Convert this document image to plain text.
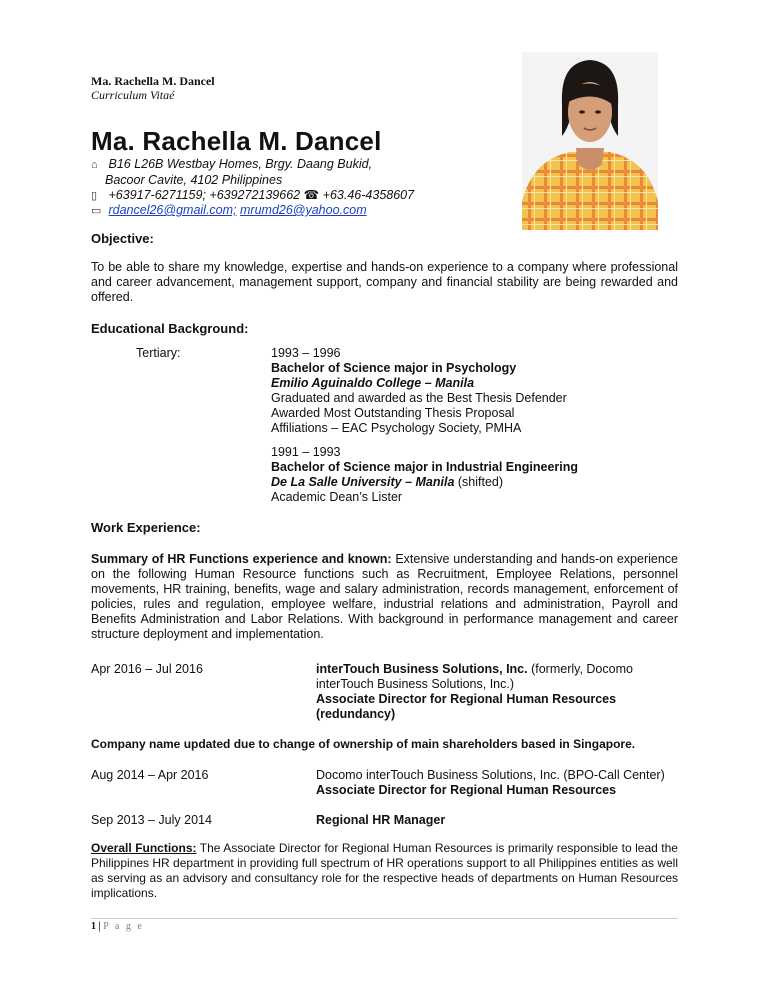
Ma. Rachella M. Dancel
Curriculum Vitaé
Ma. Rachella M. Dancel
⌂ B16 L26B Westbay Homes, Brgy. Daang Bukid,
Bacoor Cavite, 4102 Philippines
▯ +63917-6271159; +639272139662 ☎ +63.46-4358607
▭ rdancel26@gmail.com; mrumd26@yahoo.com
Objective:
To be able to share my knowledge, expertise and hands-on experience to a company where professional and career advancement, management support, company and financial stability are being rewarded and offered.
Educational Background:
Tertiary:	1993 – 1996
Bachelor of Science major in Psychology
Emilio Aguinaldo College – Manila
Graduated and awarded as the Best Thesis Defender
Awarded Most Outstanding Thesis Proposal
Affiliations – EAC Psychology Society, PMHA
1991 – 1993
Bachelor of Science major in Industrial Engineering
De La Salle University – Manila (shifted)
Academic Dean’s Lister
Work Experience:
Summary of HR Functions experience and known: Extensive understanding and hands-on experience on the following Human Resource functions such as Recruitment, Employee Relations, personnel movements, HR training, benefits, wage and salary administration, records management, enforcement of policies, rules and regulation, employee welfare, industrial relations and administration, Payroll and Benefits Administration and Labor Relations. With background in performance management and career structure deployment and implementation.
Apr 2016 – Jul 2016	interTouch Business Solutions, Inc. (formerly, Docomo interTouch Business Solutions, Inc.)
Associate Director for Regional Human Resources (redundancy)
Company name updated due to change of ownership of main shareholders based in Singapore.
Aug 2014 – Apr 2016	Docomo interTouch Business Solutions, Inc. (BPO-Call Center)
Associate Director for Regional Human Resources
Sep 2013 – July 2014	Regional HR Manager
Overall Functions: The Associate Director for Regional Human Resources is primarily responsible to lead the Philippines HR department in providing full spectrum of HR operations support to all Philippines entities as well as serving as an advisory and consultancy role for the respective heads of departments on Human Resources implications.
1 | P a g e
